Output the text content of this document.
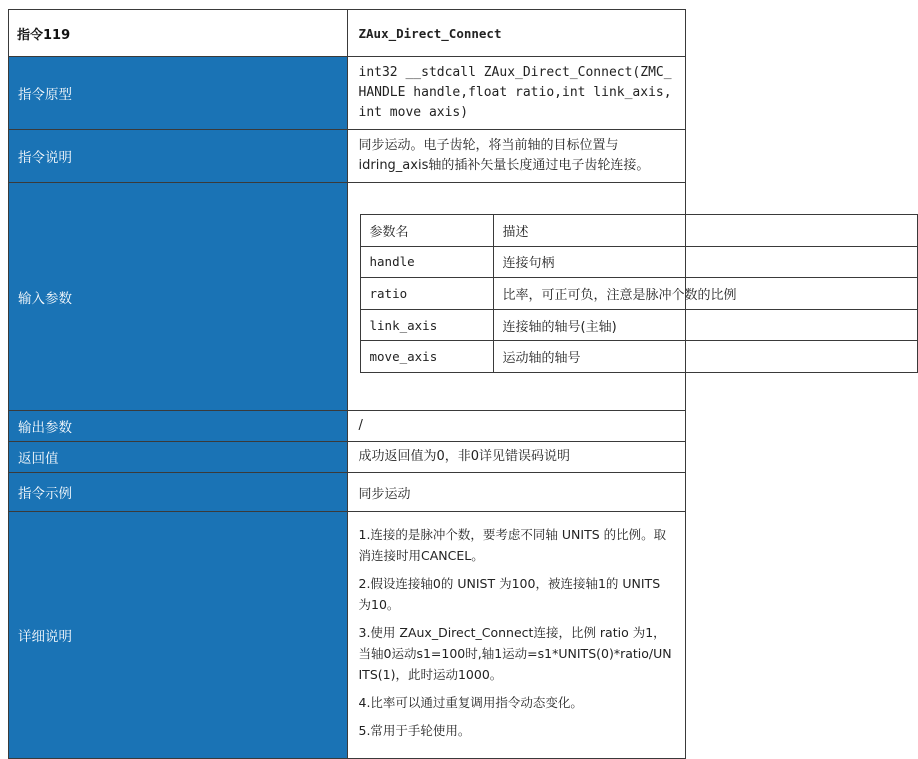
指令119	ZAux_Direct_Connect
指令原型	int32 __stdcall ZAux_Direct_Connect(ZMC_HANDLE handle,float ratio,int link_axis,int move axis)
指令说明	同步运动。电子齿轮，将当前轴的目标位置与idring_axis轴的插补矢量长度通过电子齿轮连接。
输入参数	
参数名	描述
handle	连接句柄
ratio	比率，可正可负，注意是脉冲个数的比例
link_axis	连接轴的轴号(主轴)
move_axis	运动轴的轴号

输出参数	/
返回值	成功返回值为0，非0详见错误码说明
指令示例	同步运动
详细说明	
1.连接的是脉冲个数，要考虑不同轴 UNITS 的比例。取消连接时用CANCEL。
2.假设连接轴0的 UNIST 为100，被连接轴1的 UNITS 为10。
3.使用 ZAux_Direct_Connect连接，比例 ratio 为1，当轴0运动s1=100时,轴1运动=s1*UNITS(0)*ratio/UNITS(1)，此时运动1000。
4.比率可以通过重复调用指令动态变化。
5.常用于手轮使用。
